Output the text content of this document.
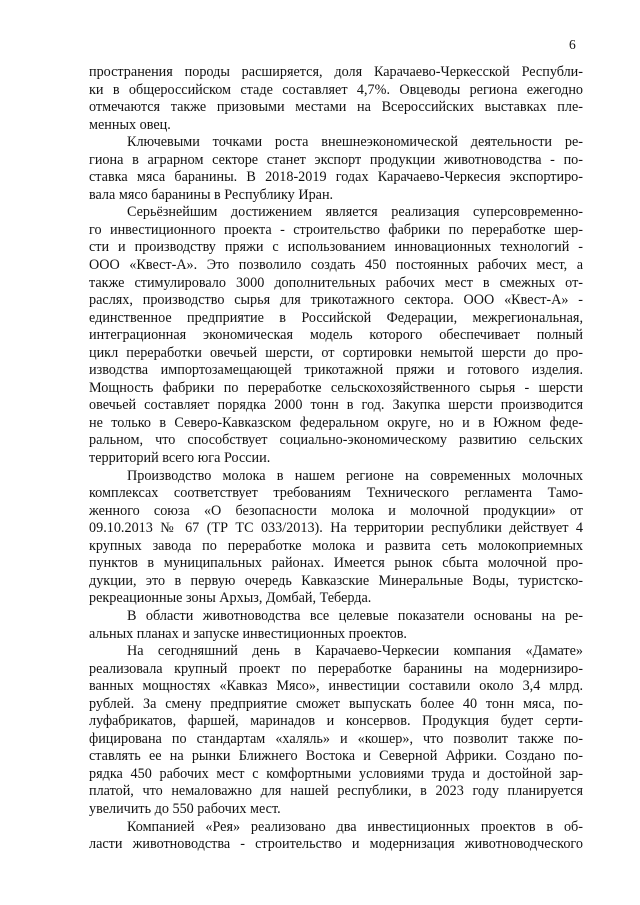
6
пространения породы расширяется, доля Карачаево-Черкесской Республи-
ки в общероссийском стаде составляет 4,7%. Овцеводы региона ежегодно
отмечаются также призовыми местами на Всероссийских выставках пле-
менных овец.
Ключевыми точками роста внешнеэкономической деятельности ре-
гиона в аграрном секторе станет экспорт продукции животноводства - по-
ставка мяса баранины. В 2018-2019 годах Карачаево-Черкесия экспортиро-
вала мясо баранины в Республику Иран.
Серьёзнейшим достижением является реализация суперсовременно-
го инвестиционного проекта - строительство фабрики по переработке шер-
сти и производству пряжи с использованием инновационных технологий -
ООО «Квест-А». Это позволило создать 450 постоянных рабочих мест, а
также стимулировало 3000 дополнительных рабочих мест в смежных от-
раслях, производство сырья для трикотажного сектора. ООО «Квест-А» -
единственное предприятие в Российской Федерации, межрегиональная,
интеграционная экономическая модель которого обеспечивает полный
цикл переработки овечьей шерсти, от сортировки немытой шерсти до про-
изводства импортозамещающей трикотажной пряжи и готового изделия.
Мощность фабрики по переработке сельскохозяйственного сырья - шерсти
овечьей составляет порядка 2000 тонн в год. Закупка шерсти производится
не только в Северо-Кавказском федеральном округе, но и в Южном феде-
ральном, что способствует социально-экономическому развитию сельских
территорий всего юга России.
Производство молока в нашем регионе на современных молочных
комплексах соответствует требованиям Технического регламента Тамо-
женного союза «О безопасности молока и молочной продукции» от
09.10.2013 № 67 (ТР ТС 033/2013). На территории республики действует 4
крупных завода по переработке молока и развита сеть молокоприемных
пунктов в муниципальных районах. Имеется рынок сбыта молочной про-
дукции, это в первую очередь Кавказские Минеральные Воды, туристско-
рекреационные зоны Архыз, Домбай, Теберда.
В области животноводства все целевые показатели основаны на ре-
альных планах и запуске инвестиционных проектов.
На сегодняшний день в Карачаево-Черкесии компания «Дамате»
реализовала крупный проект по переработке баранины на модернизиро-
ванных мощностях «Кавказ Мясо», инвестиции составили около 3,4 млрд.
рублей. За смену предприятие сможет выпускать более 40 тонн мяса, по-
луфабрикатов, фаршей, маринадов и консервов. Продукция будет серти-
фицирована по стандартам «халяль» и «кошер», что позволит также по-
ставлять ее на рынки Ближнего Востока и Северной Африки. Создано по-
рядка 450 рабочих мест с комфортными условиями труда и достойной зар-
платой, что немаловажно для нашей республики, в 2023 году планируется
увеличить до 550 рабочих мест.
Компанией «Рея» реализовано два инвестиционных проектов в об-
ласти животноводства - строительство и модернизация животноводческого
